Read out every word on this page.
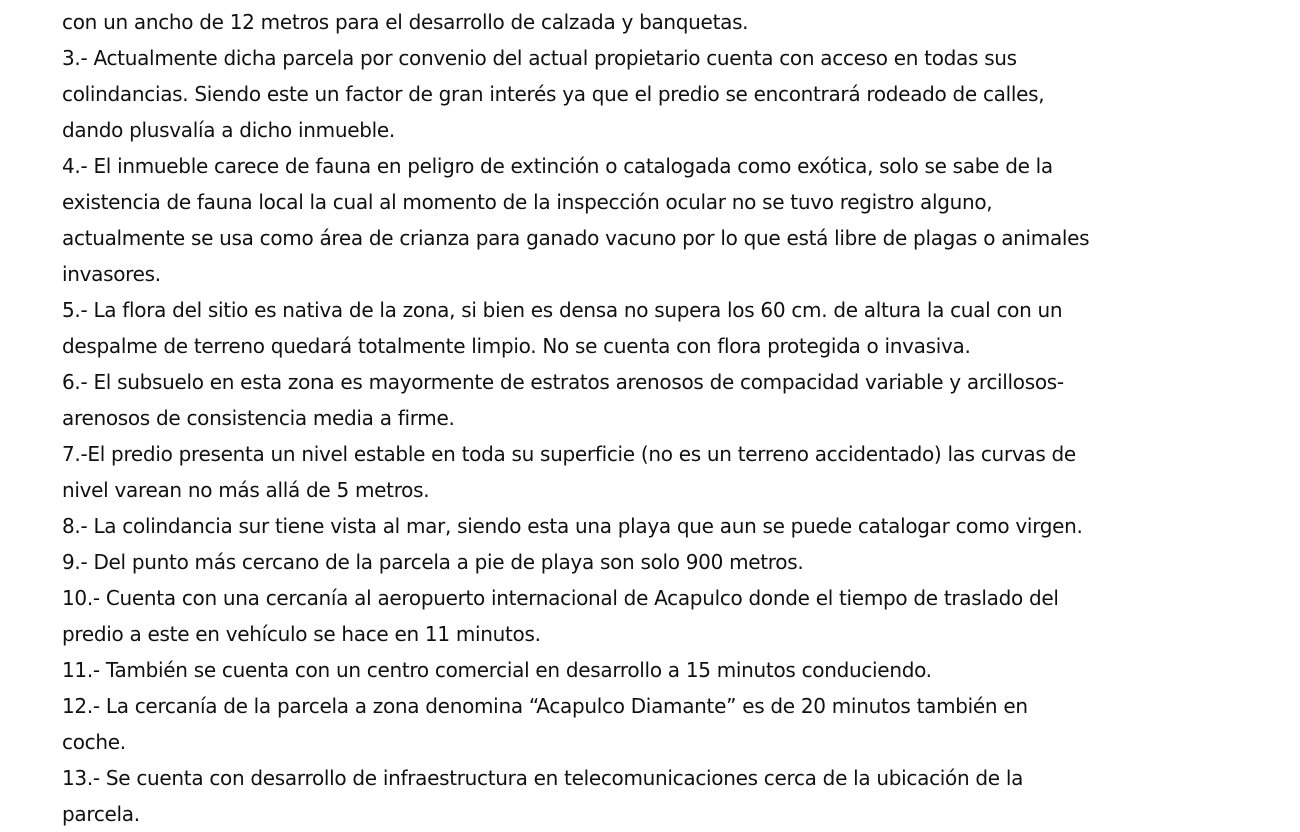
con un ancho de 12 metros para el desarrollo de calzada y banquetas.
3.- Actualmente dicha parcela por convenio del actual propietario cuenta con acceso en todas sus
colindancias. Siendo este un factor de gran interés ya que el predio se encontrará rodeado de calles,
dando plusvalía a dicho inmueble.
4.- El inmueble carece de fauna en peligro de extinción o catalogada como exótica, solo se sabe de la
existencia de fauna local la cual al momento de la inspección ocular no se tuvo registro alguno,
actualmente se usa como área de crianza para ganado vacuno por lo que está libre de plagas o animales
invasores.
5.- La flora del sitio es nativa de la zona, si bien es densa no supera los 60 cm. de altura la cual con un
despalme de terreno quedará totalmente limpio. No se cuenta con flora protegida o invasiva.
6.- El subsuelo en esta zona es mayormente de estratos arenosos de compacidad variable y arcillosos-
arenosos de consistencia media a firme.
7.-El predio presenta un nivel estable en toda su superficie (no es un terreno accidentado) las curvas de
nivel varean no más allá de 5 metros.
8.- La colindancia sur tiene vista al mar, siendo esta una playa que aun se puede catalogar como virgen.
9.- Del punto más cercano de la parcela a pie de playa son solo 900 metros.
10.- Cuenta con una cercanía al aeropuerto internacional de Acapulco donde el tiempo de traslado del
predio a este en vehículo se hace en 11 minutos.
11.- También se cuenta con un centro comercial en desarrollo a 15 minutos conduciendo.
12.- La cercanía de la parcela a zona denomina “Acapulco Diamante” es de 20 minutos también en
coche.
13.- Se cuenta con desarrollo de infraestructura en telecomunicaciones cerca de la ubicación de la
parcela.
